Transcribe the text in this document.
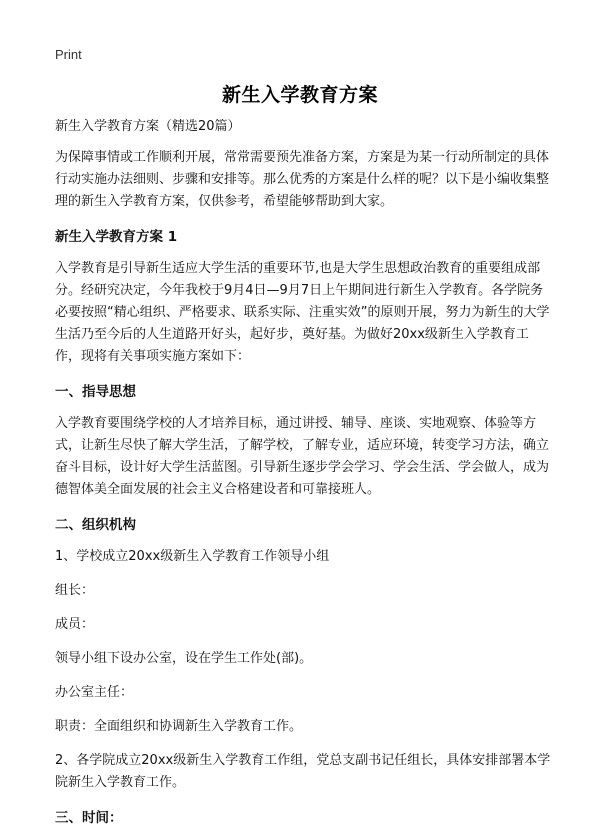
Print
新生入学教育方案

新生入学教育方案（精选20篇）

为保障事情或工作顺利开展，常常需要预先准备方案，方案是为某一行动所制定的具体行动实施办法细则、步骤和安排等。那么优秀的方案是什么样的呢？以下是小编收集整理的新生入学教育方案，仅供参考，希望能够帮助到大家。

新生入学教育方案 1

入学教育是引导新生适应大学生活的重要环节,也是大学生思想政治教育的重要组成部分。经研究决定，今年我校于9月4日—9月7日上午期间进行新生入学教育。各学院务必要按照“精心组织、严格要求、联系实际、注重实效”的原则开展，努力为新生的大学生活乃至今后的人生道路开好头，起好步，奠好基。为做好20xx级新生入学教育工作，现将有关事项实施方案如下：

一、指导思想

入学教育要围绕学校的人才培养目标，通过讲授、辅导、座谈、实地观察、体验等方式，让新生尽快了解大学生活，了解学校，了解专业，适应环境，转变学习方法，确立奋斗目标，设计好大学生活蓝图。引导新生逐步学会学习、学会生活、学会做人，成为德智体美全面发展的社会主义合格建设者和可靠接班人。

二、组织机构

1、学校成立20xx级新生入学教育工作领导小组

组长：

成员：

领导小组下设办公室，设在学生工作处(部)。

办公室主任：

职责：全面组织和协调新生入学教育工作。

2、各学院成立20xx级新生入学教育工作组，党总支副书记任组长，具体安排部署本学院新生入学教育工作。

三、时间：
